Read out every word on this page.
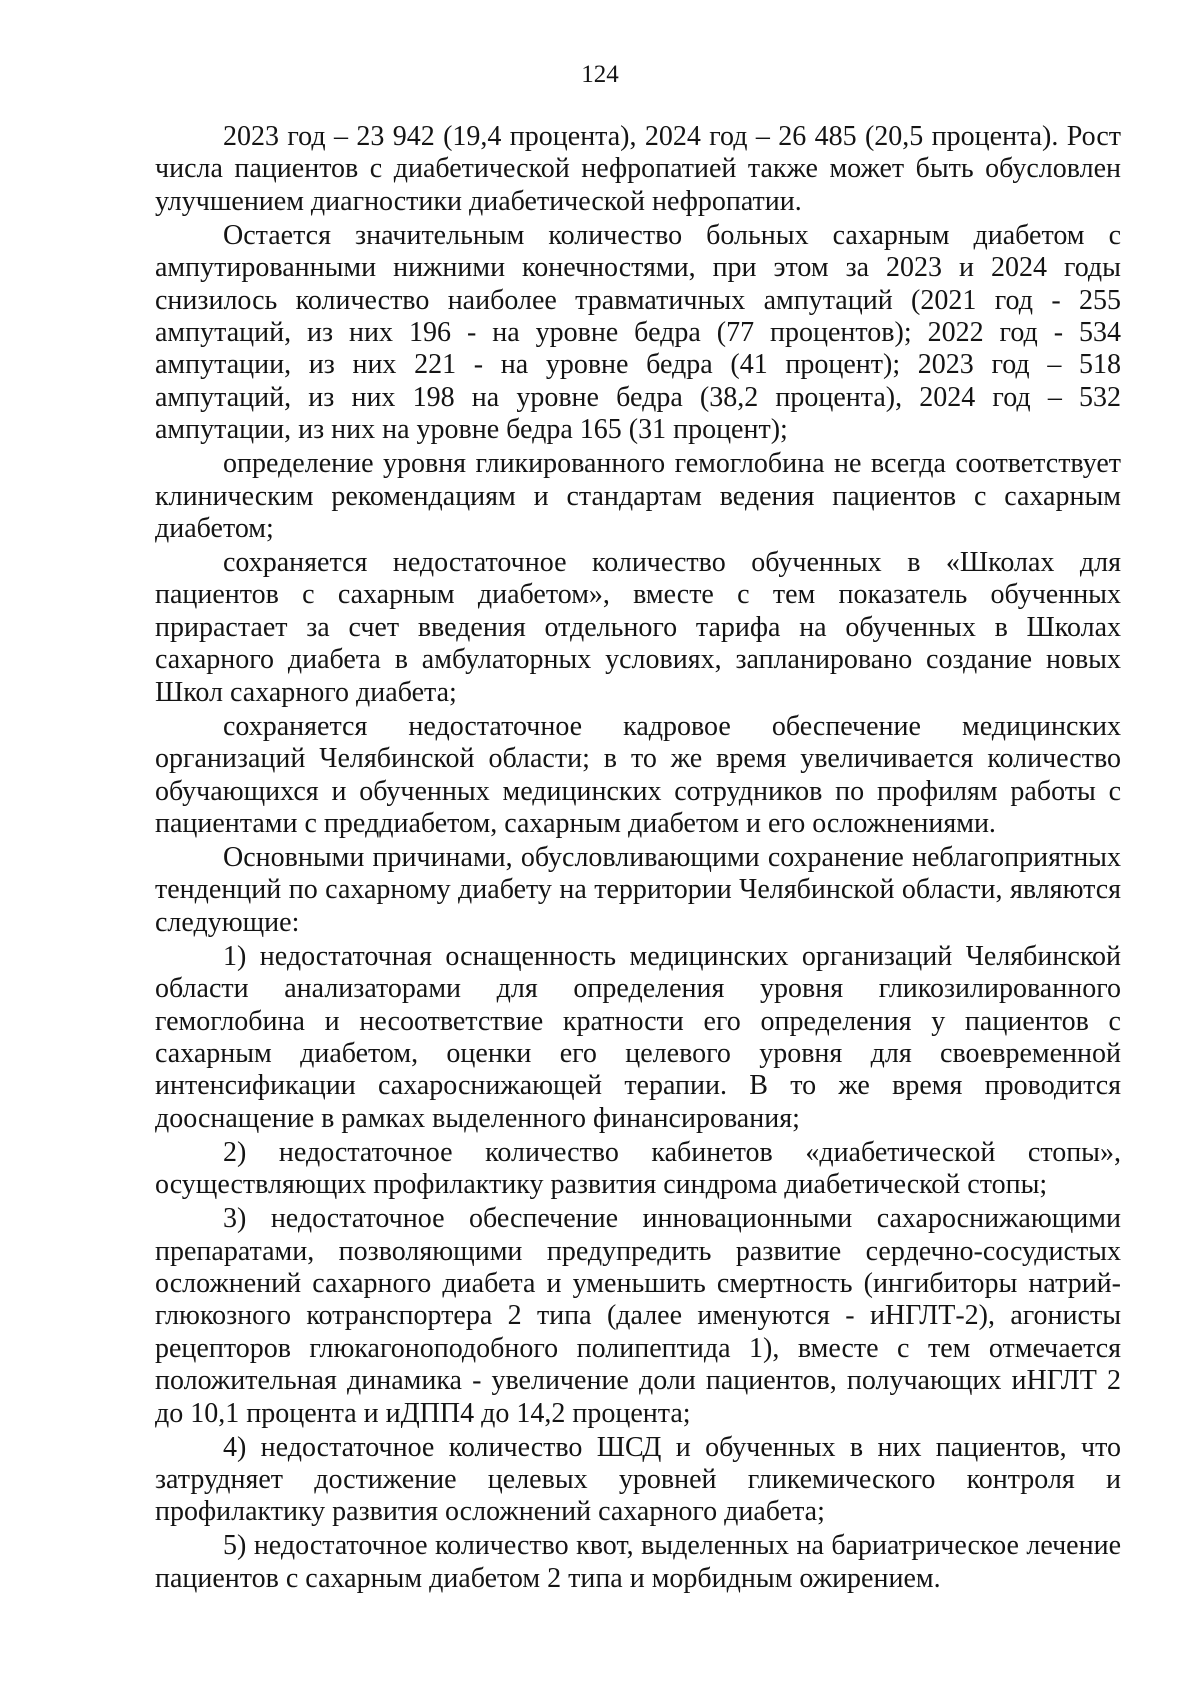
124

2023 год – 23 942 (19,4 процента), 2024 год – 26 485 (20,5 процента). Рост числа пациентов с диабетической нефропатией также может быть обусловлен улучшением диагностики диабетической нефропатии.

Остается значительным количество больных сахарным диабетом с ампутированными нижними конечностями, при этом за 2023 и 2024 годы снизилось количество наиболее травматичных ампутаций (2021 год - 255 ампутаций, из них 196 - на уровне бедра (77 процентов); 2022 год - 534 ампутации, из них 221 - на уровне бедра (41 процент); 2023 год – 518 ампутаций, из них 198 на уровне бедра (38,2 процента), 2024 год – 532 ампутации, из них на уровне бедра 165 (31 процент);

определение уровня гликированного гемоглобина не всегда соответствует клиническим рекомендациям и стандартам ведения пациентов с сахарным диабетом;

сохраняется недостаточное количество обученных в «Школах для пациентов с сахарным диабетом», вместе с тем показатель обученных прирастает за счет введения отдельного тарифа на обученных в Школах сахарного диабета в амбулаторных условиях, запланировано создание новых Школ сахарного диабета;

сохраняется недостаточное кадровое обеспечение медицинских организаций Челябинской области; в то же время увеличивается количество обучающихся и обученных медицинских сотрудников по профилям работы с пациентами с преддиабетом, сахарным диабетом и его осложнениями.

Основными причинами, обусловливающими сохранение неблагоприятных тенденций по сахарному диабету на территории Челябинской области, являются следующие:

1) недостаточная оснащенность медицинских организаций Челябинской области анализаторами для определения уровня гликозилированного гемоглобина и несоответствие кратности его определения у пациентов с сахарным диабетом, оценки его целевого уровня для своевременной интенсификации сахароснижающей терапии. В то же время проводится дооснащение в рамках выделенного финансирования;

2) недостаточное количество кабинетов «диабетической стопы», осуществляющих профилактику развития синдрома диабетической стопы;

3) недостаточное обеспечение инновационными сахароснижающими препаратами, позволяющими предупредить развитие сердечно-сосудистых осложнений сахарного диабета и уменьшить смертность (ингибиторы натрий-глюкозного котранспортера 2 типа (далее именуются - иНГЛТ-2), агонисты рецепторов глюкагоноподобного полипептида 1), вместе с тем отмечается положительная динамика - увеличение доли пациентов, получающих иНГЛТ 2 до 10,1 процента и иДПП4 до 14,2 процента;

4) недостаточное количество ШСД и обученных в них пациентов, что затрудняет достижение целевых уровней гликемического контроля и профилактику развития осложнений сахарного диабета;

5) недостаточное количество квот, выделенных на бариатрическое лечение пациентов с сахарным диабетом 2 типа и морбидным ожирением.
